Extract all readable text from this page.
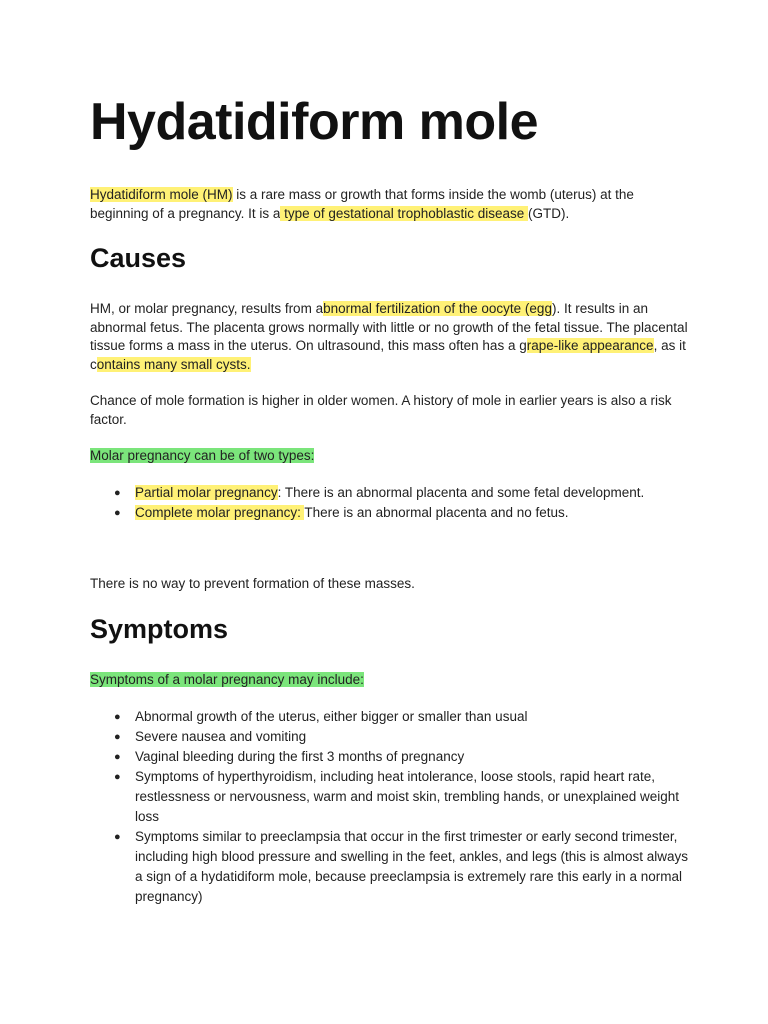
Hydatidiform mole

Hydatidiform mole (HM) is a rare mass or growth that forms inside the womb (uterus) at the beginning of a pregnancy. It is a type of gestational trophoblastic disease (GTD).

Causes

HM, or molar pregnancy, results from abnormal fertilization of the oocyte (egg). It results in an abnormal fetus. The placenta grows normally with little or no growth of the fetal tissue. The placental tissue forms a mass in the uterus. On ultrasound, this mass often has a grape-like appearance, as it contains many small cysts.

Chance of mole formation is higher in older women. A history of mole in earlier years is also a risk factor.

Molar pregnancy can be of two types:

● Partial molar pregnancy: There is an abnormal placenta and some fetal development.
● Complete molar pregnancy: There is an abnormal placenta and no fetus.

There is no way to prevent formation of these masses.

Symptoms

Symptoms of a molar pregnancy may include:

● Abnormal growth of the uterus, either bigger or smaller than usual
● Severe nausea and vomiting
● Vaginal bleeding during the first 3 months of pregnancy
● Symptoms of hyperthyroidism, including heat intolerance, loose stools, rapid heart rate, restlessness or nervousness, warm and moist skin, trembling hands, or unexplained weight loss
● Symptoms similar to preeclampsia that occur in the first trimester or early second trimester, including high blood pressure and swelling in the feet, ankles, and legs (this is almost always a sign of a hydatidiform mole, because preeclampsia is extremely rare this early in a normal pregnancy)
